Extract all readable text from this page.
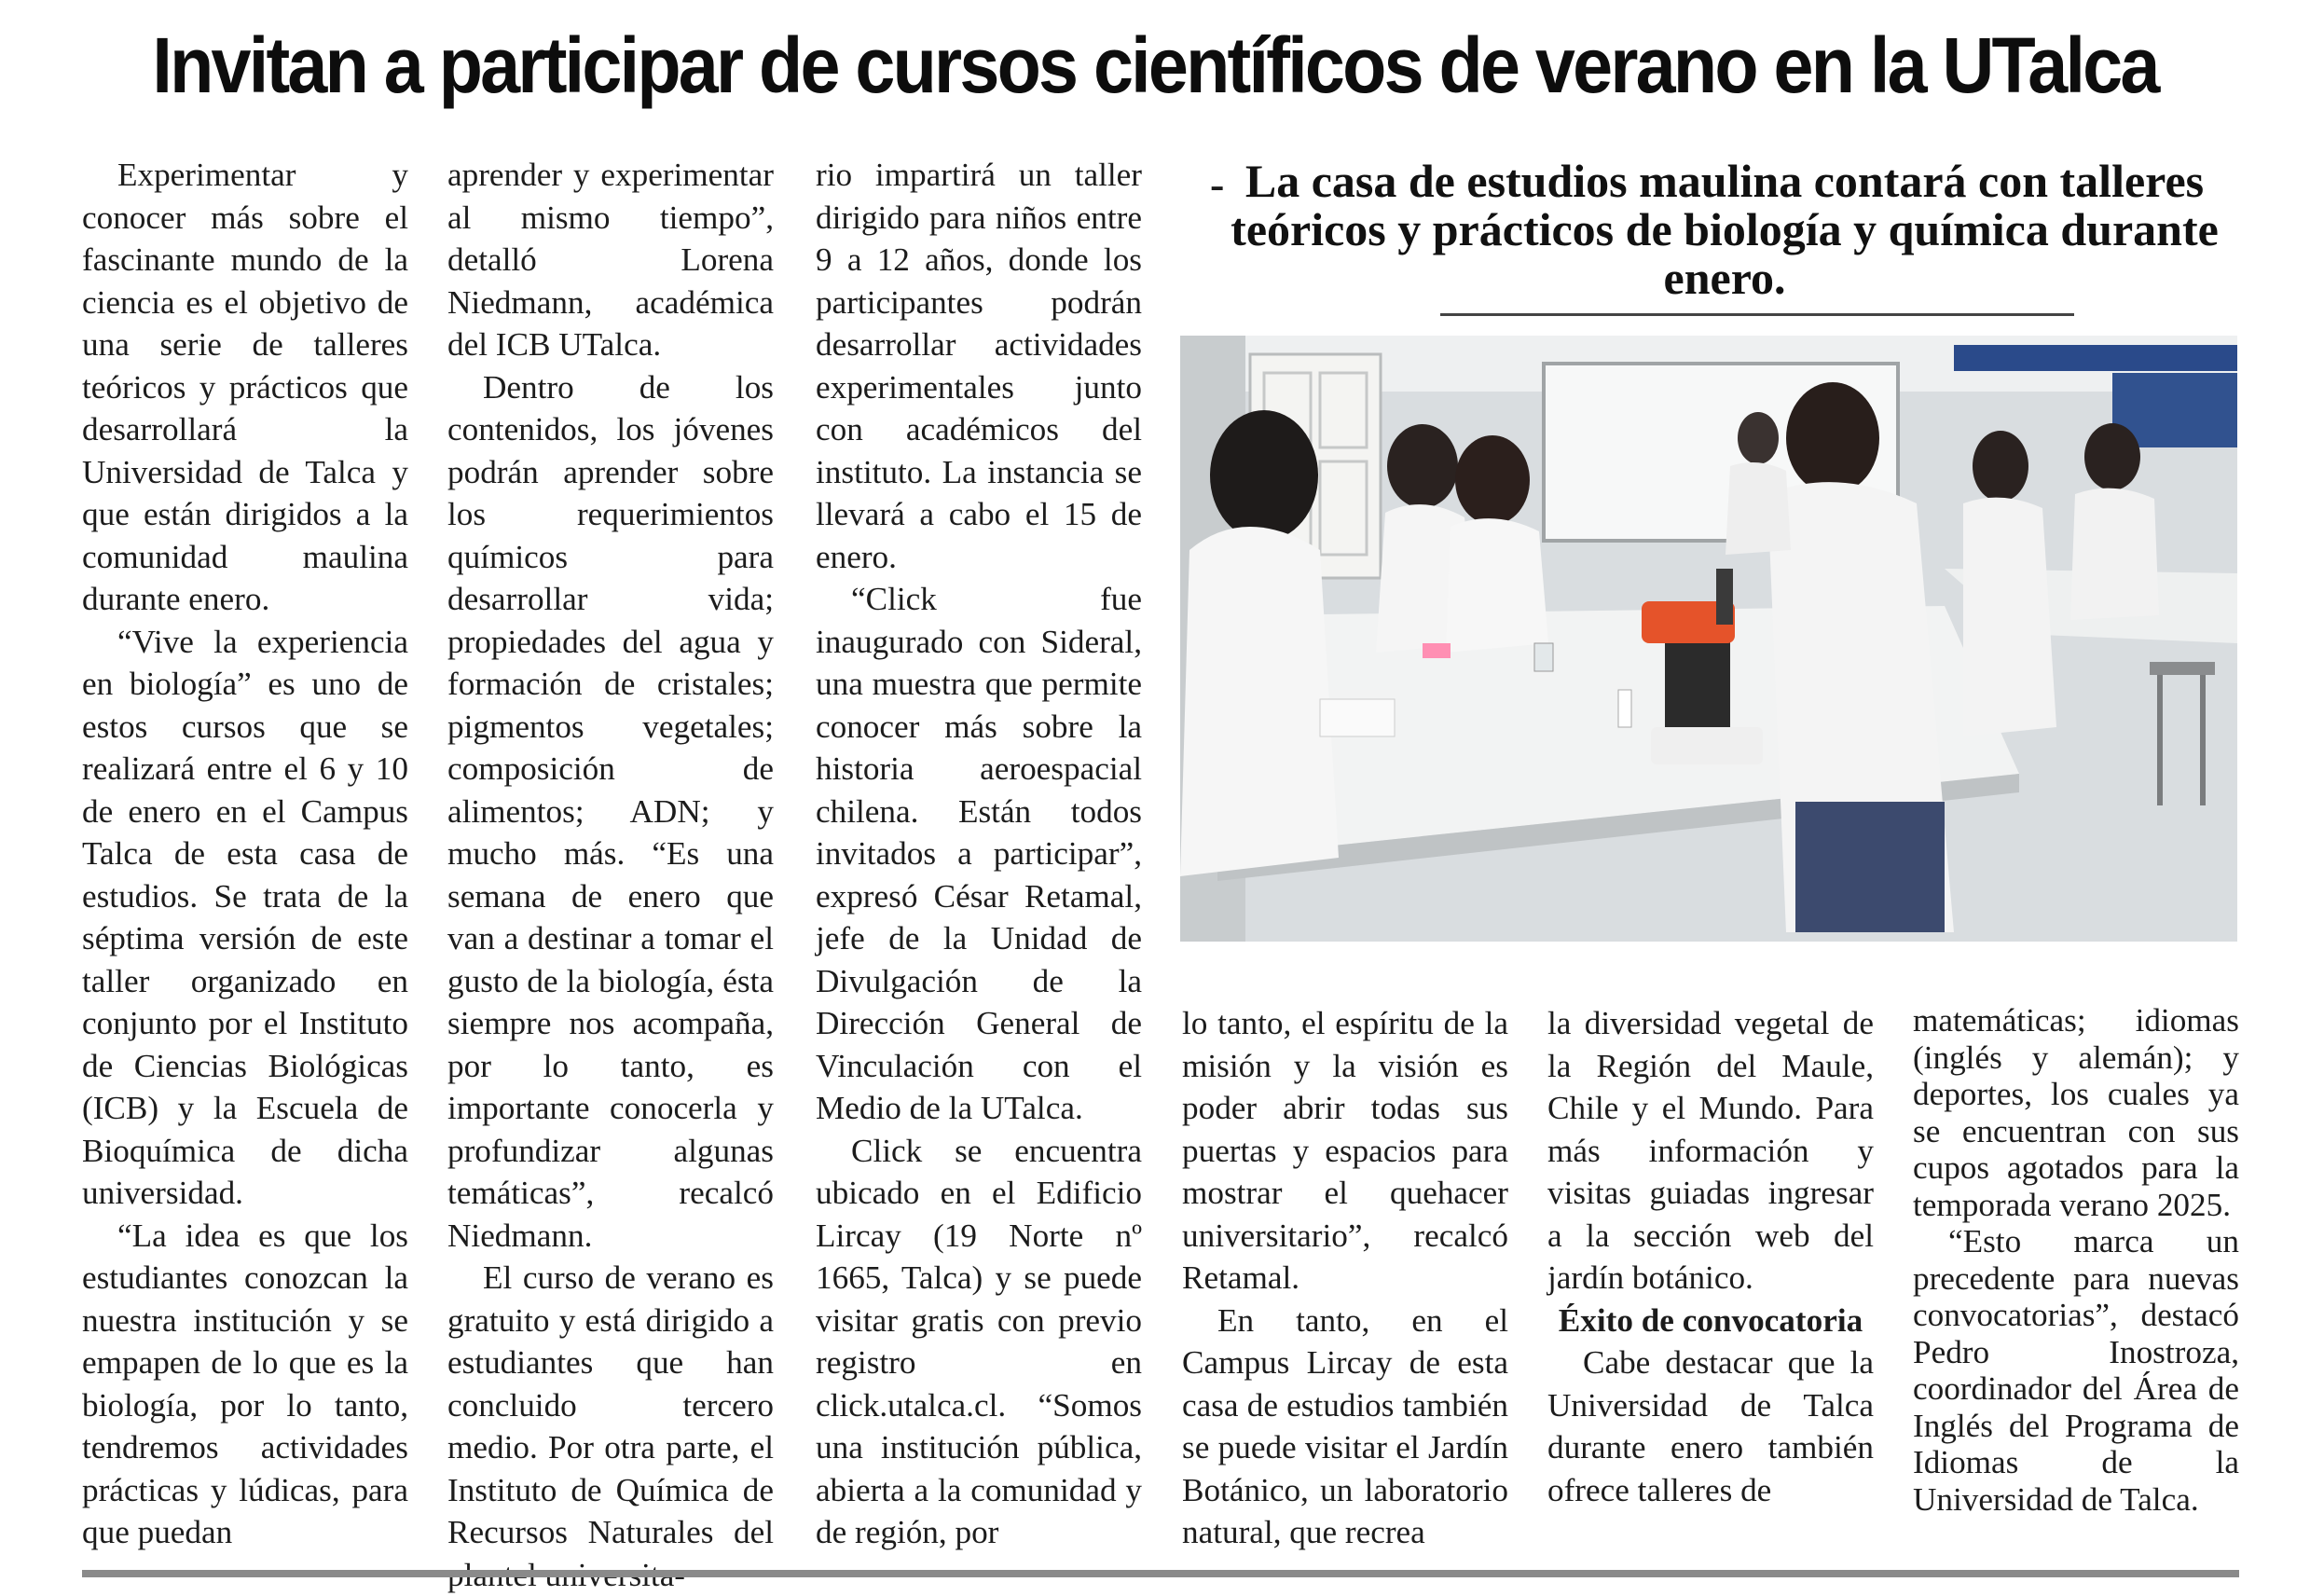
Invitan a participar de cursos científicos de verano en la UTalca

Experimentar y conocer más sobre el fascinante mundo de la ciencia es el objetivo de una serie de talleres teóricos y prácticos que desarrollará la Universidad de Talca y que están dirigidos a la comunidad maulina durante enero.

“Vive la experiencia en biología” es uno de estos cursos que se realizará entre el 6 y 10 de enero en el Campus Talca de esta casa de estudios. Se trata de la séptima versión de este taller organizado en conjunto por el Instituto de Ciencias Biológicas (ICB) y la Escuela de Bioquímica de dicha universidad.

“La idea es que los estudiantes conozcan la nuestra institución y se empapen de lo que es la biología, por lo tanto, tendremos actividades prácticas y lúdicas, para que puedan

aprender y experimentar al mismo tiempo”, detalló Lorena Niedmann, académica del ICB UTalca.

Dentro de los contenidos, los jóvenes podrán aprender sobre los requerimientos químicos para desarrollar vida; propiedades del agua y formación de cristales; pigmentos vegetales; composición de alimentos; ADN; y mucho más. “Es una semana de enero que van a destinar a tomar el gusto de la biología, ésta siempre nos acompaña, por lo tanto, es importante conocerla y profundizar algunas temáticas”, recalcó Niedmann.

El curso de verano es gratuito y está dirigido a estudiantes que han concluido tercero medio. Por otra parte, el Instituto de Química de Recursos Naturales del

rio impartirá un taller dirigido para niños entre 9 a 12 años, donde los participantes podrán desarrollar actividades experimentales junto con académicos del instituto. La instancia se llevará a cabo el 15 de enero.

“Click fue inaugurado con Sideral, una muestra que permite conocer más sobre la historia aeroespacial chilena. Están todos invitados a participar”, expresó César Retamal, jefe de la Unidad de Divulgación de la Dirección General de Vinculación con el Medio de la UTalca.

Click se encuentra ubicado en el Edificio Lircay (19 Norte nº 1665, Talca) y se puede visitar gratis con previo registro en click.utalca.cl. “Somos una institución pública, abierta a la comunidad y de región, por

- La casa de estudios maulina contará con talleres teóricos y prácticos de biología y química durante enero.

lo tanto, el espíritu de la misión y la visión es poder abrir todas sus puertas y espacios para mostrar el quehacer universitario”, recalcó Retamal.

En tanto, en el Campus Lircay de esta casa de estudios también se puede visitar el Jardín Botánico, un laboratorio natural, que recrea

la diversidad vegetal de la Región del Maule, Chile y el Mundo. Para más información y visitas guiadas ingresar a la sección web del jardín botánico.

Éxito de convocatoria

Cabe destacar que la Universidad de Talca durante enero también ofrece talleres de

matemáticas; idiomas (inglés y alemán); y deportes, los cuales ya se encuentran con sus cupos agotados para la temporada verano 2025.

“Esto marca un precedente para nuevas convocatorias”, destacó Pedro Inostroza, coordinador del Área de Inglés del Programa de Idiomas de la Universidad de Talca.
